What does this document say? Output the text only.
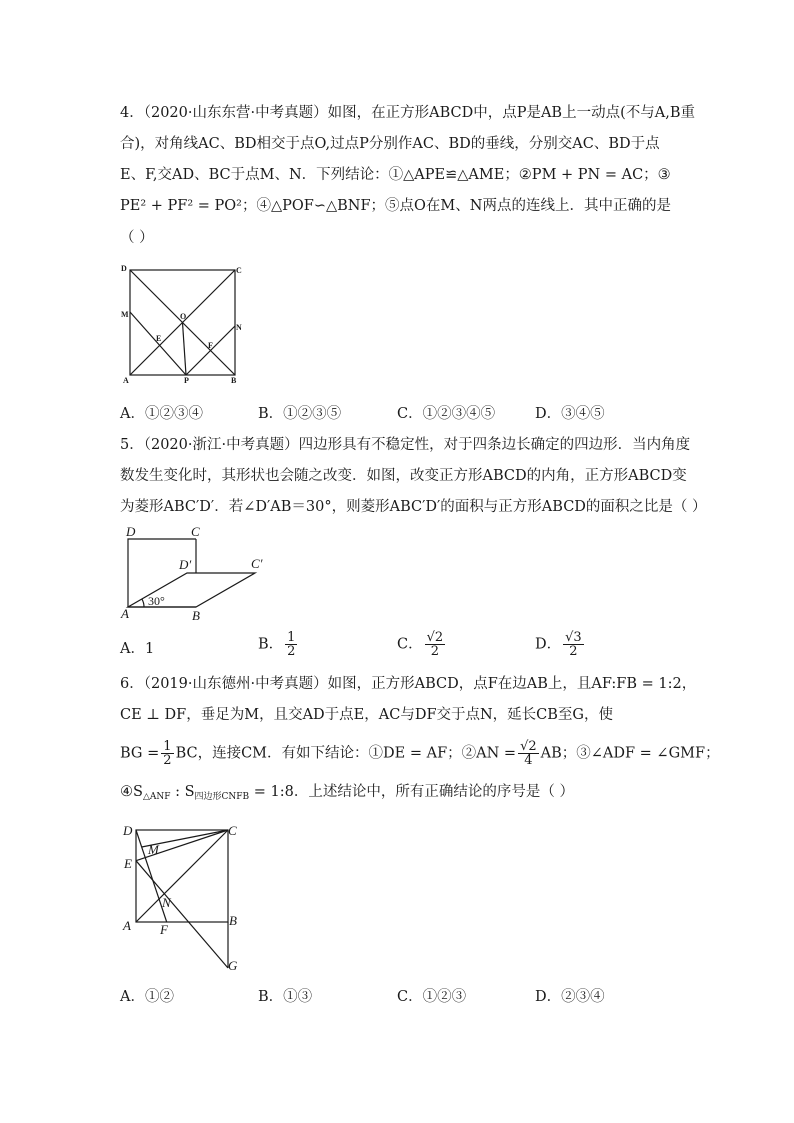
4．（2020·山东东营·中考真题）如图，在正方形ABCD中，点P是AB上一动点(不与A,B重
合)，对角线AC、BD相交于点O,过点P分别作AC、BD的垂线，分别交AC、BD于点
E、F,交AD、BC于点M、N．下列结论：①△APE≌△AME；②PM + PN = AC；③
PE² + PF² = PO²；④△POF∽△BNF；⑤点O在M、N两点的连线上．其中正确的是
（ ）
D	C
M	O
N
E
F
A	P	B
A．①②③④	B．①②③⑤	C．①②③④⑤	D．③④⑤
5．（2020·浙江·中考真题）四边形具有不稳定性，对于四条边长确定的四边形．当内角度
数发生变化时，其形状也会随之改变．如图，改变正方形ABCD的内角，正方形ABCD变
为菱形ABC′D′．若∠D′AB＝30°，则菱形ABC′D′的面积与正方形ABCD的面积之比是（ ）
D	C
D′	C′
A	B
30°
A．1	B． $\frac{1}{2}$	C． $\frac{√2}{2}$	D． $\frac{√3}{2}$
6．（2019·山东德州·中考真题）如图，正方形ABCD，点F在边AB上，且AF:FB = 1:2，
CE ⊥ DF，垂足为M，且交AD于点E，AC与DF交于点N，延长CB至G，使
BG = $\frac{1}{2}$ BC，连接CM．有如下结论：①DE = AF；②AN = $\frac{√2}{4}$ AB；③∠ADF = ∠GMF；
$④S_{\triangle ANF}$ : $S_{四边形CNFB}$ = 1:8．上述结论中，所有正确结论的序号是（ ）
D	C
M
E
N
A F
B
G
A．①②	B．①③	C．①②③	D．②③④
